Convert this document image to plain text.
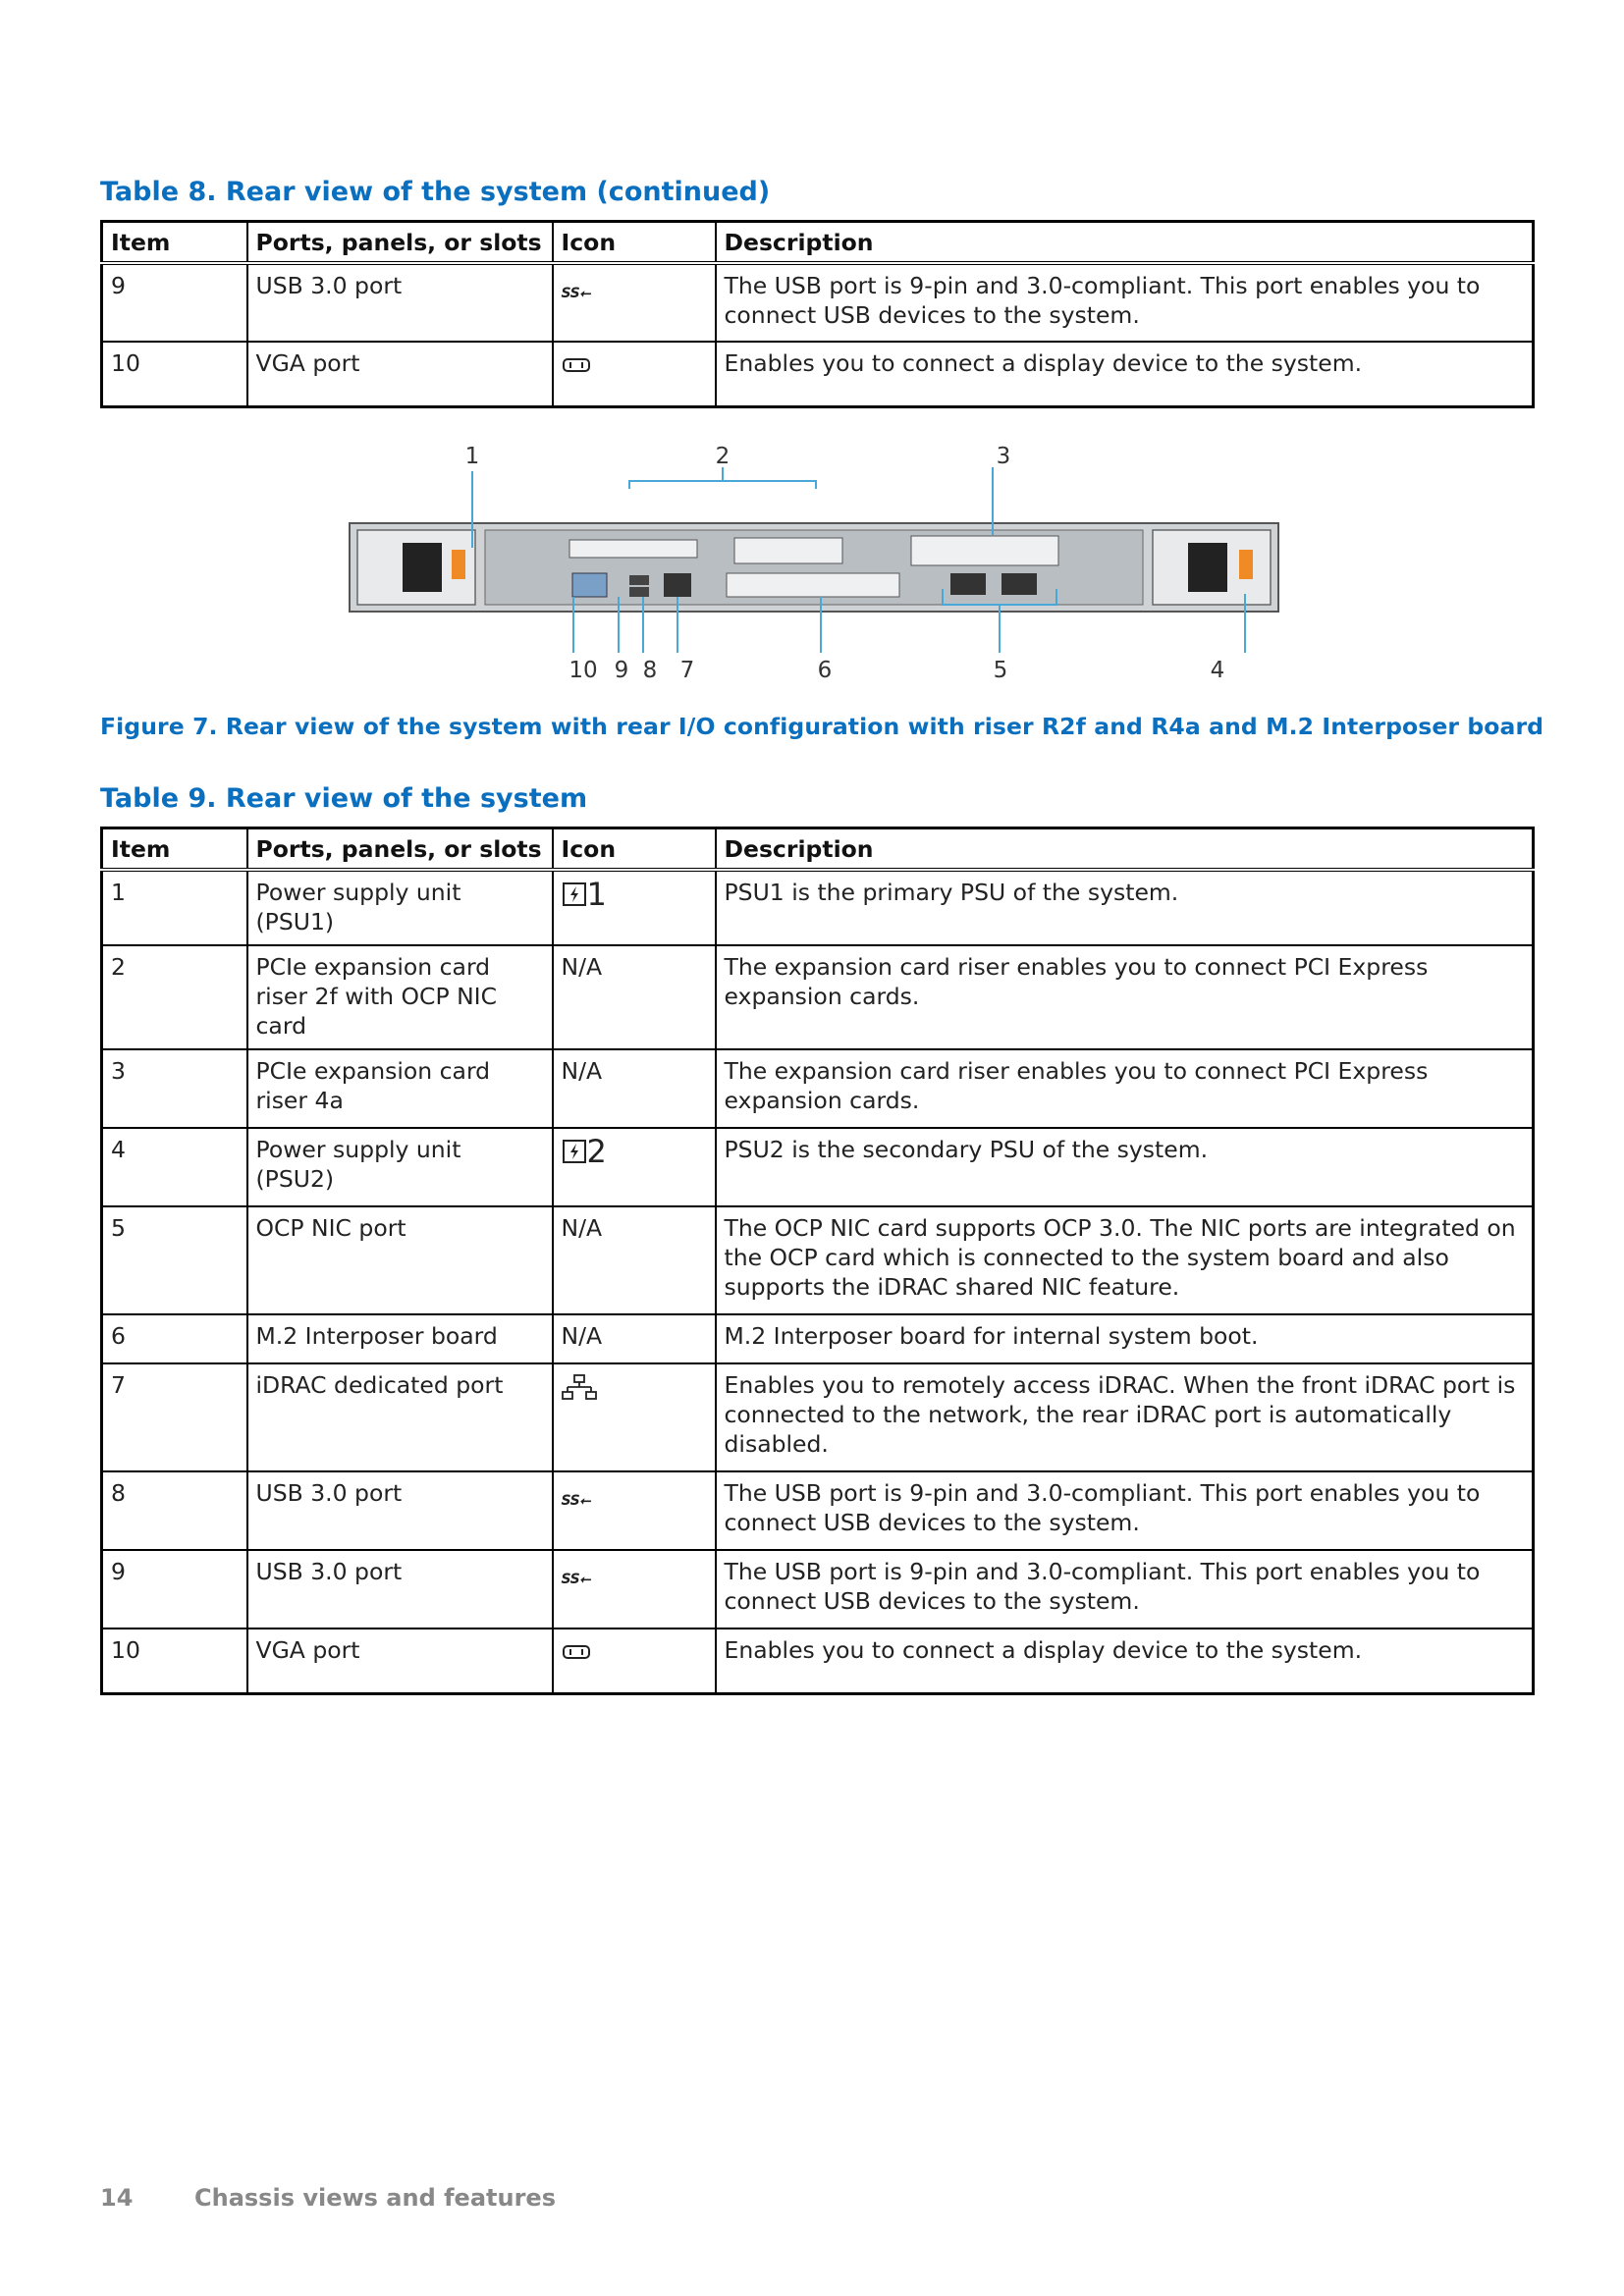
Table 8. Rear view of the system (continued)
Item	Ports, panels, or slots	Icon	Description
9	USB 3.0 port	SS⭠	The USB port is 9-pin and 3.0-compliant. This port enables you to connect USB devices to the system.
10	VGA port		Enables you to connect a display device to the system.
1	2	3
10 9 8 7	6	5	4
Figure 7. Rear view of the system with rear I/O configuration with riser R2f and R4a and M.2 Interposer board
Table 9. Rear view of the system
Item	Ports, panels, or slots	Icon	Description
1	Power supply unit (PSU1)	1	PSU1 is the primary PSU of the system.
2	PCIe expansion card riser 2f with OCP NIC card	N/A	The expansion card riser enables you to connect PCI Express expansion cards.
3	PCIe expansion card riser 4a	N/A	The expansion card riser enables you to connect PCI Express expansion cards.
4	Power supply unit (PSU2)	2	PSU2 is the secondary PSU of the system.
5	OCP NIC port	N/A	The OCP NIC card supports OCP 3.0. The NIC ports are integrated on the OCP card which is connected to the system board and also supports the iDRAC shared NIC feature.
6	M.2 Interposer board	N/A	M.2 Interposer board for internal system boot.
7	iDRAC dedicated port		Enables you to remotely access iDRAC. When the front iDRAC port is connected to the network, the rear iDRAC port is automatically disabled.
8	USB 3.0 port	SS⭠	The USB port is 9-pin and 3.0-compliant. This port enables you to connect USB devices to the system.
9	USB 3.0 port	SS⭠	The USB port is 9-pin and 3.0-compliant. This port enables you to connect USB devices to the system.
10	VGA port		Enables you to connect a display device to the system.
14	Chassis views and features
